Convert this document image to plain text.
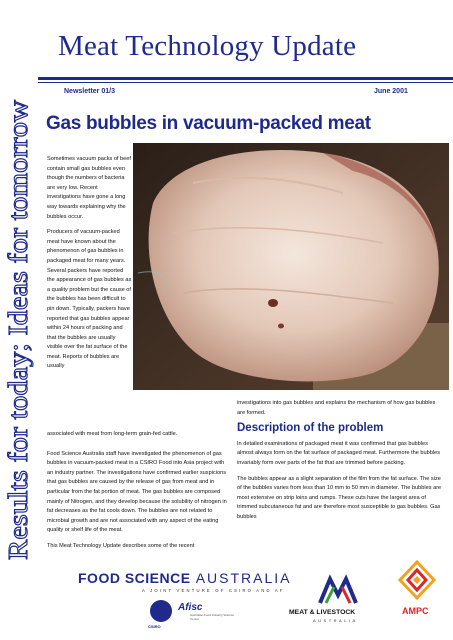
Results for today; Ideas for tomorrow
Meat Technology Update
Newsletter 01/3	June 2001
Gas bubbles in vacuum-packed meat

Sometimes vacuum packs of beef contain small gas bubbles even though the numbers of bacteria are very low. Recent investigations have gone a long way towards explaining why the bubbles occur.

Producers of vacuum-packed meat have known about the phenomenon of gas bubbles in packaged meat for many years. Several packers have reported the appearance of gas bubbles as a quality problem but the cause of the bubbles has been difficult to pin down. Typically, packers have reported that gas bubbles appear within 24 hours of packing and that the bubbles are usually visible over the fat surface of the meat. Reports of bubbles are usually

associated with meat from long-term grain-fed cattle.

Food Science Australia staff have investigated the phenomenon of gas bubbles in vacuum-packed meat in a CSIRO Food into Asia project with an industry partner. The investigations have confirmed earlier suspicions that gas bubbles are caused by the release of gas from meat and in particular from the fat portion of meat. The gas bubbles are composed mainly of Nitrogen, and they develop because the solubility of nitrogen in fat decreases as the fat cools down. The bubbles are not related to microbial growth and are not associated with any aspect of the eating quality or shelf life of the meat.

This Meat Technology Update describes some of the recent

investigations into gas bubbles and explains the mechanism of how gas bubbles are formed.

Description of the problem

In detailed examinations of packaged meat it was confirmed that gas bubbles almost always form on the fat surface of packaged meat. Furthermore the bubbles invariably form over parts of the fat that are trimmed before packing.

The bubbles appear as a slight separation of the film from the fat surface. The size of the bubbles varies from less than 10 mm to 50 mm in diameter. The bubbles are most extensive on strip loins and rumps. These cuts have the largest area of trimmed subcutaneous fat and are therefore most susceptible to gas bubbles. Gas bubbles

FOOD SCIENCE AUSTRALIA
A JOINT VENTURE OF CSIRO AND AF
CSIRO
Afisc
Australian Food Industry Science Centre
MEAT & LIVESTOCK
AUSTRALIA
AMPC
